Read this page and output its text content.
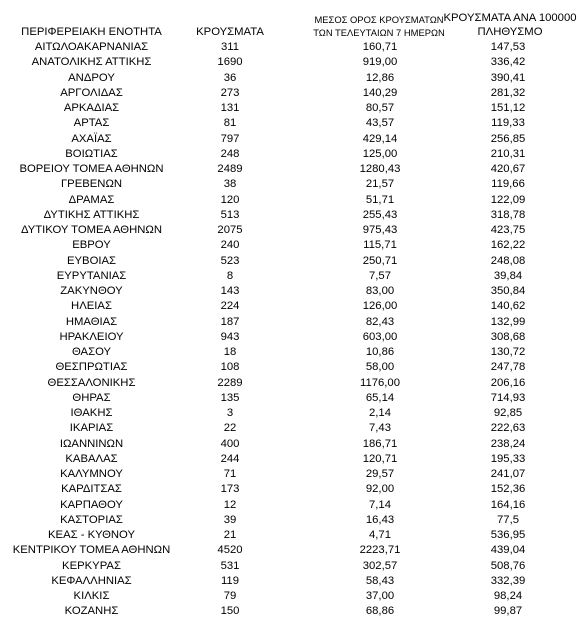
ΠΕΡΙΦΕΡΕΙΑΚΗ ΕΝΟΤΗΤΑ	ΚΡΟΥΣΜΑΤΑ
ΜΕΣΟΣ ΟΡΟΣ ΚΡΟΥΣΜΑΤΩΝ
ΤΩΝ ΤΕΛΕΥΤΑΙΩΝ 7 ΗΜΕΡΩΝ
ΚΡΟΥΣΜΑΤΑ ΑΝΑ 100000
ΠΛΗΘΥΣΜΟ
ΑΙΤΩΛΟΑΚΑΡΝΑΝΙΑΣ	311	160,71	147,53
ΑΝΑΤΟΛΙΚΗΣ ΑΤΤΙΚΗΣ	1690	919,00	336,42
ΑΝΔΡΟΥ	36	12,86	390,41
ΑΡΓΟΛΙΔΑΣ	273	140,29	281,32
ΑΡΚΑΔΙΑΣ	131	80,57	151,12
ΑΡΤΑΣ	81	43,57	119,33
ΑΧΑΪΑΣ	797	429,14	256,85
ΒΟΙΩΤΙΑΣ	248	125,00	210,31
ΒΟΡΕΙΟΥ ΤΟΜΕΑ ΑΘΗΝΩΝ	2489	1280,43	420,67
ΓΡΕΒΕΝΩΝ	38	21,57	119,66
ΔΡΑΜΑΣ	120	51,71	122,09
ΔΥΤΙΚΗΣ ΑΤΤΙΚΗΣ	513	255,43	318,78
ΔΥΤΙΚΟΥ ΤΟΜΕΑ ΑΘΗΝΩΝ	2075	975,43	423,75
ΕΒΡΟΥ	240	115,71	162,22
ΕΥΒΟΙΑΣ	523	250,71	248,08
ΕΥΡΥΤΑΝΙΑΣ	8	7,57	39,84
ΖΑΚΥΝΘΟΥ	143	83,00	350,84
ΗΛΕΙΑΣ	224	126,00	140,62
ΗΜΑΘΙΑΣ	187	82,43	132,99
ΗΡΑΚΛΕΙΟΥ	943	603,00	308,68
ΘΑΣΟΥ	18	10,86	130,72
ΘΕΣΠΡΩΤΙΑΣ	108	58,00	247,78
ΘΕΣΣΑΛΟΝΙΚΗΣ	2289	1176,00	206,16
ΘΗΡΑΣ	135	65,14	714,93
ΙΘΑΚΗΣ	3	2,14	92,85
ΙΚΑΡΙΑΣ	22	7,43	222,63
ΙΩΑΝΝΙΝΩΝ	400	186,71	238,24
ΚΑΒΑΛΑΣ	244	120,71	195,33
ΚΑΛΥΜΝΟΥ	71	29,57	241,07
ΚΑΡΔΙΤΣΑΣ	173	92,00	152,36
ΚΑΡΠΑΘΟΥ	12	7,14	164,16
ΚΑΣΤΟΡΙΑΣ	39	16,43	77,5
ΚΕΑΣ - ΚΥΘΝΟΥ	21	4,71	536,95
ΚΕΝΤΡΙΚΟΥ ΤΟΜΕΑ ΑΘΗΝΩΝ	4520	2223,71	439,04
ΚΕΡΚΥΡΑΣ	531	302,57	508,76
ΚΕΦΑΛΛΗΝΙΑΣ	119	58,43	332,39
ΚΙΛΚΙΣ	79	37,00	98,24
ΚΟΖΑΝΗΣ	150	68,86	99,87
